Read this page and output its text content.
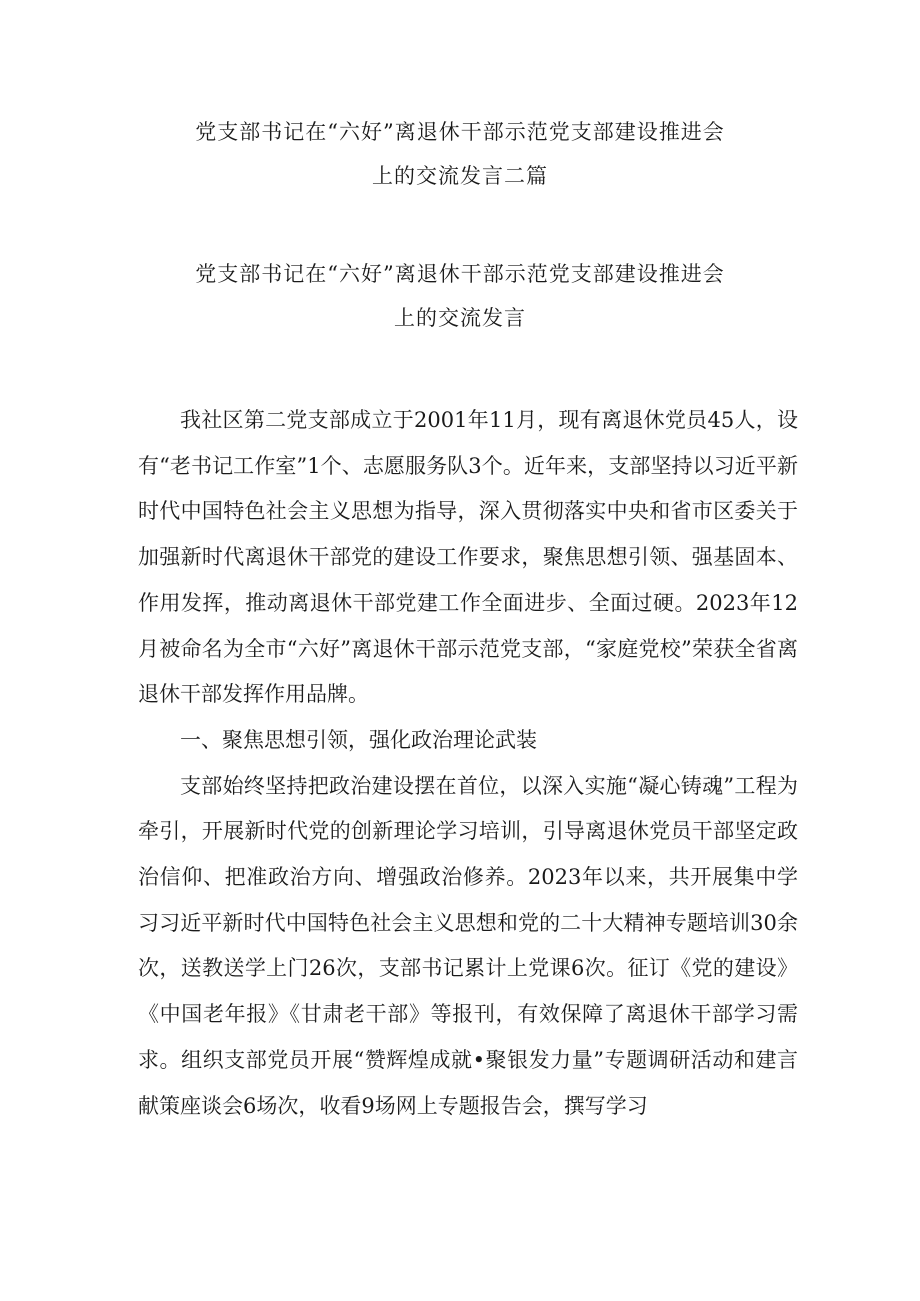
党支部书记在“六好”离退休干部示范党支部建设推进会
上的交流发言二篇
党支部书记在“六好”离退休干部示范党支部建设推进会
上的交流发言

我社区第二党支部成立于2001年11月，现有离退休党员45人，设有“老书记工作室”1个、志愿服务队3个。近年来，支部坚持以习近平新时代中国特色社会主义思想为指导，深入贯彻落实中央和省市区委关于加强新时代离退休干部党的建设工作要求，聚焦思想引领、强基固本、作用发挥，推动离退休干部党建工作全面进步、全面过硬。2023年12月被命名为全市“六好”离退休干部示范党支部，“家庭党校”荣获全省离退休干部发挥作用品牌。

一、聚焦思想引领，强化政治理论武装

支部始终坚持把政治建设摆在首位，以深入实施“凝心铸魂”工程为牵引，开展新时代党的创新理论学习培训，引导离退休党员干部坚定政治信仰、把准政治方向、增强政治修养。2023年以来，共开展集中学习习近平新时代中国特色社会主义思想和党的二十大精神专题培训30余次，送教送学上门26次，支部书记累计上党课6次。征订《党的建设》《中国老年报》《甘肃老干部》等报刊，有效保障了离退休干部学习需求。组织支部党员开展“赞辉煌成就•聚银发力量”专题调研活动和建言献策座谈会6场次，收看9场网上专题报告会，撰写学习
